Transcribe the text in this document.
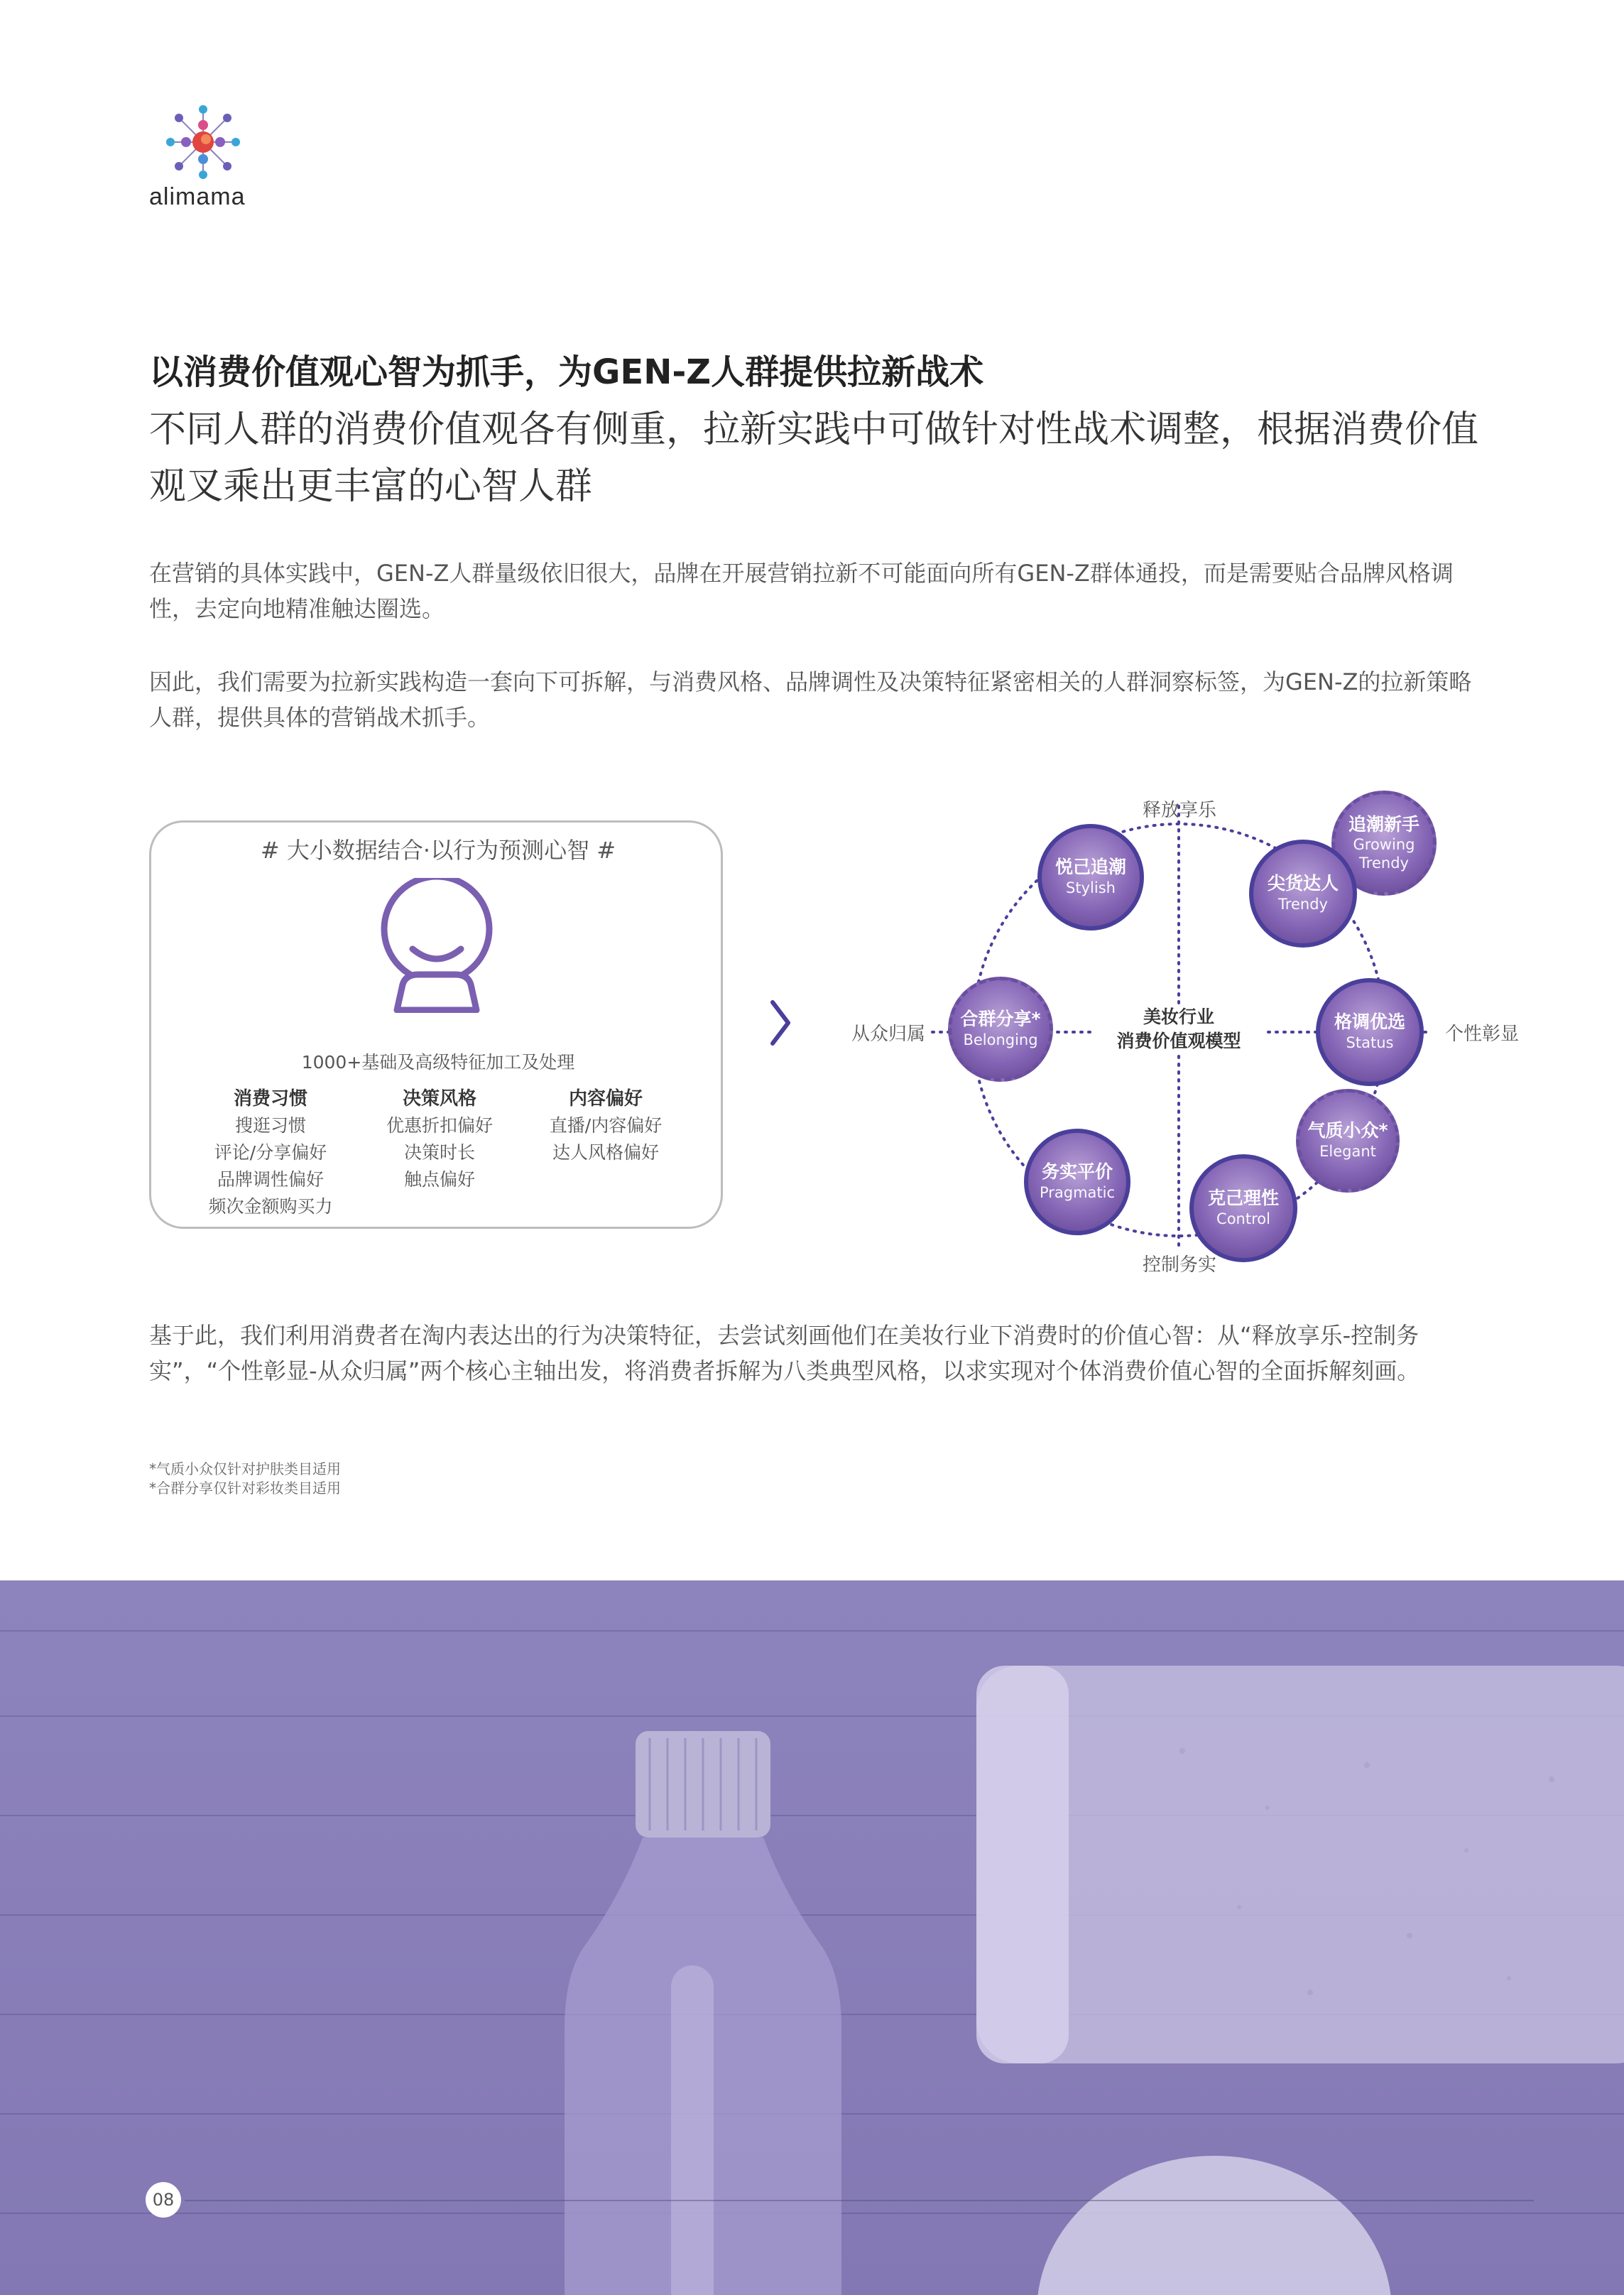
alimama
以消费价值观心智为抓手，为GEN-Z人群提供拉新战术
不同人群的消费价值观各有侧重，拉新实践中可做针对性战术调整，根据消费价值观叉乘出更丰富的心智人群
在营销的具体实践中，GEN-Z人群量级依旧很大，品牌在开展营销拉新不可能面向所有GEN-Z群体通投，而是需要贴合品牌风格调性，去定向地精准触达圈选。
因此，我们需要为拉新实践构造一套向下可拆解，与消费风格、品牌调性及决策特征紧密相关的人群洞察标签，为GEN-Z的拉新策略人群，提供具体的营销战术抓手。
# 大小数据结合·以行为预测心智 #
1000+基础及高级特征加工及处理
消费习惯
搜逛习惯
评论/分享偏好
品牌调性偏好
频次金额购买力
决策风格
优惠折扣偏好
决策时长
触点偏好
内容偏好
直播/内容偏好
达人风格偏好
释放享乐
控制务实
从众归属	个性彰显
美妆行业
消费价值观模型
悦己追潮
Stylish
追潮新手
Growing Trendy
尖货达人
Trendy
合群分享*
Belonging
格调优选
Status
气质小众*
Elegant
务实平价
Pragmatic	克己理性
Control
基于此，我们利用消费者在淘内表达出的行为决策特征，去尝试刻画他们在美妆行业下消费时的价值心智：从“释放享乐-控制务实”，“个性彰显-从众归属”两个核心主轴出发，将消费者拆解为八类典型风格，以求实现对个体消费价值心智的全面拆解刻画。
*气质小众仅针对护肤类目适用
*合群分享仅针对彩妆类目适用
08
